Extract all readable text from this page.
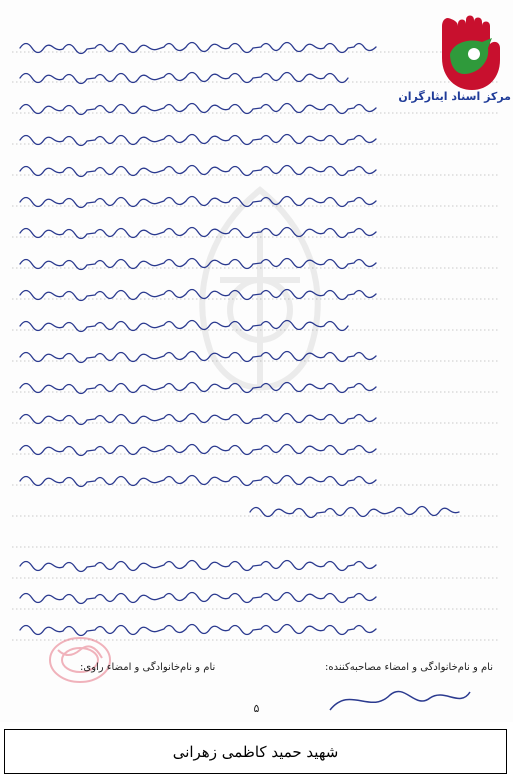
مرکز اسناد ایثارگران
نام و نام‌خانوادگی و امضاء مصاحبه‌کننده:
نام و نام‌خانوادگی و امضاء راوی:
۵
شهید حمید کاظمی زهرانی
